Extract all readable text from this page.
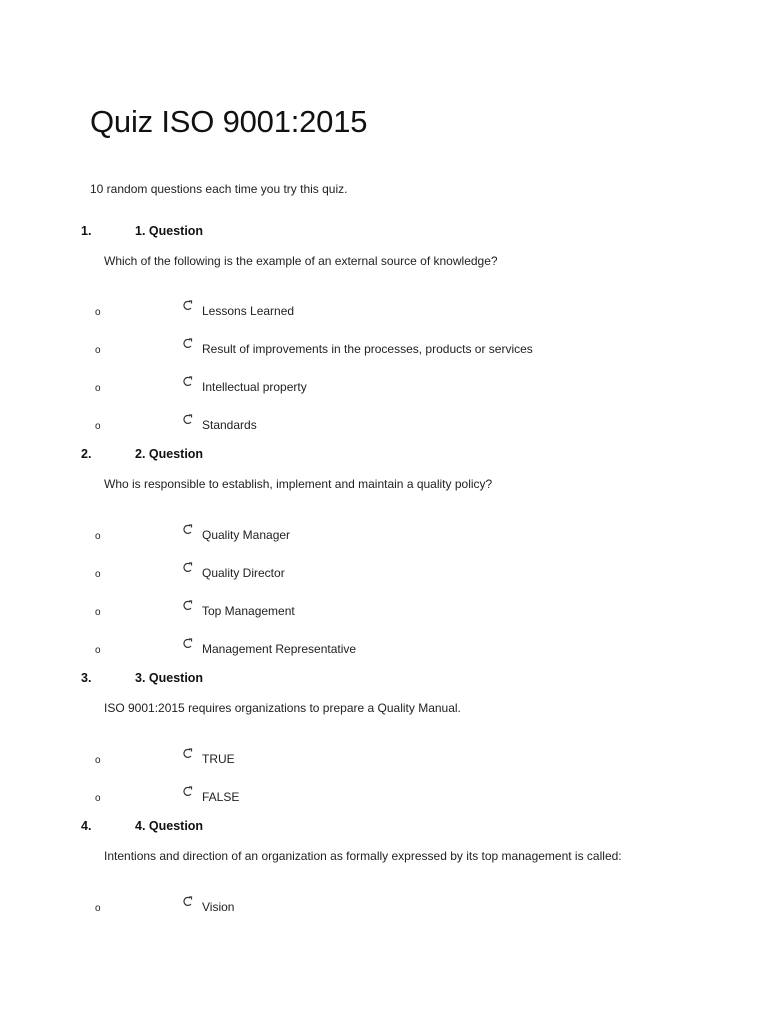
Quiz ISO 9001:2015
10 random questions each time you try this quiz.
1.	1. Question
Which of the following is the example of an external source of knowledge?
o	Lessons Learned
o	Result of improvements in the processes, products or services
o	Intellectual property
o	Standards
2.	2. Question
Who is responsible to establish, implement and maintain a quality policy?
o	Quality Manager
o	Quality Director
o	Top Management
o	Management Representative
3.	3. Question
ISO 9001:2015 requires organizations to prepare a Quality Manual.
o	TRUE
o	FALSE
4.	4. Question
Intentions and direction of an organization as formally expressed by its top management is called:
o	Vision
